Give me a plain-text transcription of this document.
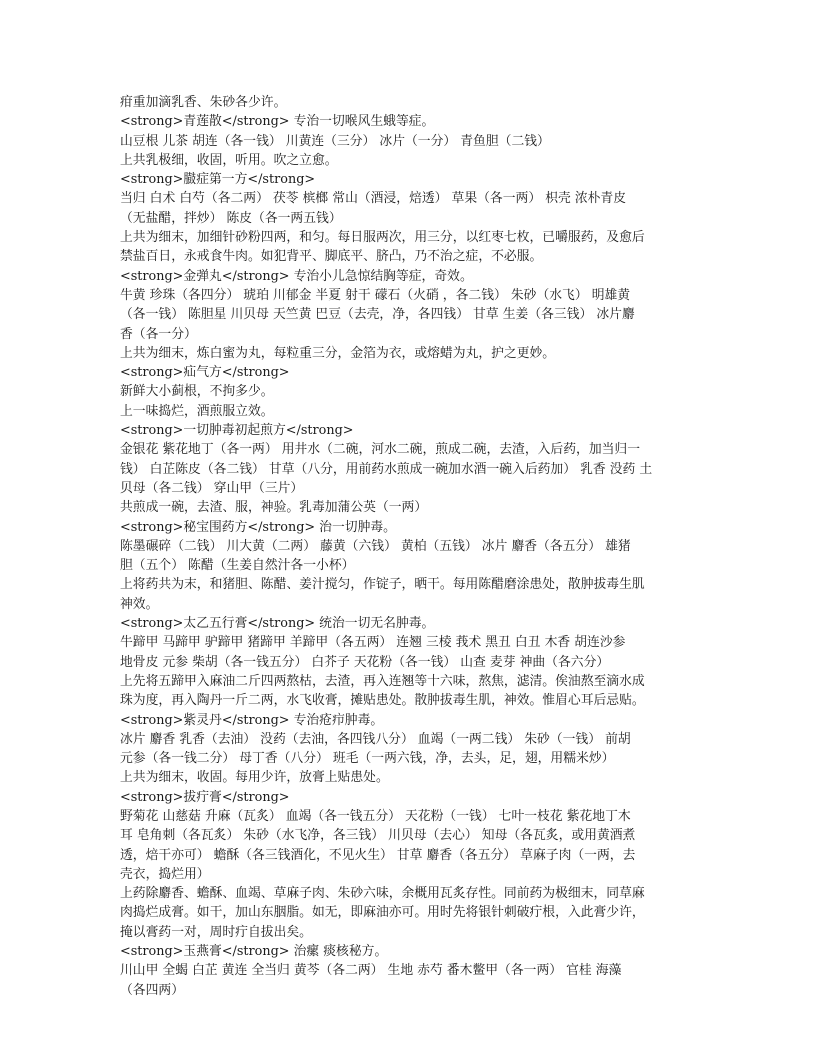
疳重加滴乳香、朱砂各少许。
<strong>青莲散</strong> 专治一切喉风生蛾等症。
山豆根 儿茶 胡连（各一钱） 川黄连（三分） 冰片（一分） 青鱼胆（二钱）
上共乳极细，收固，听用。吹之立愈。
<strong>臌症第一方</strong>
当归 白术 白芍（各二两） 茯苓 槟榔 常山（酒浸，焙透） 草果（各一两） 枳壳 浓朴青皮
（无盐醋，拌炒） 陈皮（各一两五钱）
上共为细末，加细针砂粉四两，和匀。每日服两次，用三分，以红枣七枚，已嚼服药，及愈后
禁盐百日，永戒食牛肉。如犯背平、脚底平、脐凸，乃不治之症，不必服。
<strong>金弹丸</strong> 专治小儿急惊结胸等症，奇效。
牛黄 珍珠（各四分） 琥珀 川郁金 半夏 射干 礞石（火硝 ，各二钱） 朱砂（水飞） 明雄黄
（各一钱） 陈胆星 川贝母 天竺黄 巴豆（去壳，净，各四钱） 甘草 生姜（各三钱） 冰片麝
香（各一分）
上共为细末，炼白蜜为丸，每粒重三分，金箔为衣，或熔蜡为丸，护之更妙。
<strong>疝气方</strong>
新鲜大小蓟根，不拘多少。
上一味捣烂，酒煎服立效。
<strong>一切肿毒初起煎方</strong>
金银花 紫花地丁（各一两） 用井水（二碗，河水二碗，煎成二碗，去渣，入后药，加当归一
钱） 白芷陈皮（各二钱） 甘草（八分，用前药水煎成一碗加水酒一碗入后药加） 乳香 没药 土
贝母（各二钱） 穿山甲（三片）
共煎成一碗，去渣、服，神验。乳毒加蒲公英（一两）
<strong>秘宝围药方</strong> 治一切肿毒。
陈墨碾碎（二钱） 川大黄（二两） 藤黄（六钱） 黄柏（五钱） 冰片 麝香（各五分） 雄猪
胆（五个） 陈醋（生姜自然汁各一小杯）
上将药共为末，和猪胆、陈醋、姜汁搅匀，作锭子，晒干。每用陈醋磨涂患处，散肿拔毒生肌
神效。
<strong>太乙五行膏</strong> 统治一切无名肿毒。
牛蹄甲 马蹄甲 驴蹄甲 猪蹄甲 羊蹄甲（各五两） 连翘 三棱 莪术 黑丑 白丑 木香 胡连沙参
地骨皮 元参 柴胡（各一钱五分） 白芥子 天花粉（各一钱） 山查 麦芽 神曲（各六分）
上先将五蹄甲入麻油二斤四两熬枯，去渣，再入连翘等十六味，熬焦，滤清。俟油熬至滴水成
珠为度，再入陶丹一斤二两，水飞收膏，摊贴患处。散肿拔毒生肌，神效。惟眉心耳后忌贴。
<strong>紫灵丹</strong> 专治疮疖肿毒。
冰片 麝香 乳香（去油） 没药（去油，各四钱八分） 血竭（一两二钱） 朱砂（一钱） 前胡
元参（各一钱二分） 母丁香（八分） 班毛（一两六钱，净，去头，足，翅，用糯米炒）
上共为细末，收固。每用少许，放膏上贴患处。
<strong>拔疔膏</strong>
野菊花 山慈菇 升麻（瓦炙） 血竭（各一钱五分） 天花粉（一钱） 七叶一枝花 紫花地丁木
耳 皂角刺（各瓦炙） 朱砂（水飞净，各三钱） 川贝母（去心） 知母（各瓦炙，或用黄酒煮
透，焙干亦可） 蟾酥（各三钱酒化，不见火生） 甘草 麝香（各五分） 草麻子肉（一两，去
壳衣，捣烂用）
上药除麝香、蟾酥、血竭、草麻子肉、朱砂六味，余概用瓦炙存性。同前药为极细末，同草麻
肉捣烂成膏。如干，加山东胭脂。如无，即麻油亦可。用时先将银针刺破疔根，入此膏少许，
掩以膏药一对，周时疔自拔出矣。
<strong>玉燕膏</strong> 治瘰 痰核秘方。
川山甲 全蝎 白芷 黄连 全当归 黄芩（各二两） 生地 赤芍 番木鳖甲（各一两） 官桂 海藻
（各四两）
